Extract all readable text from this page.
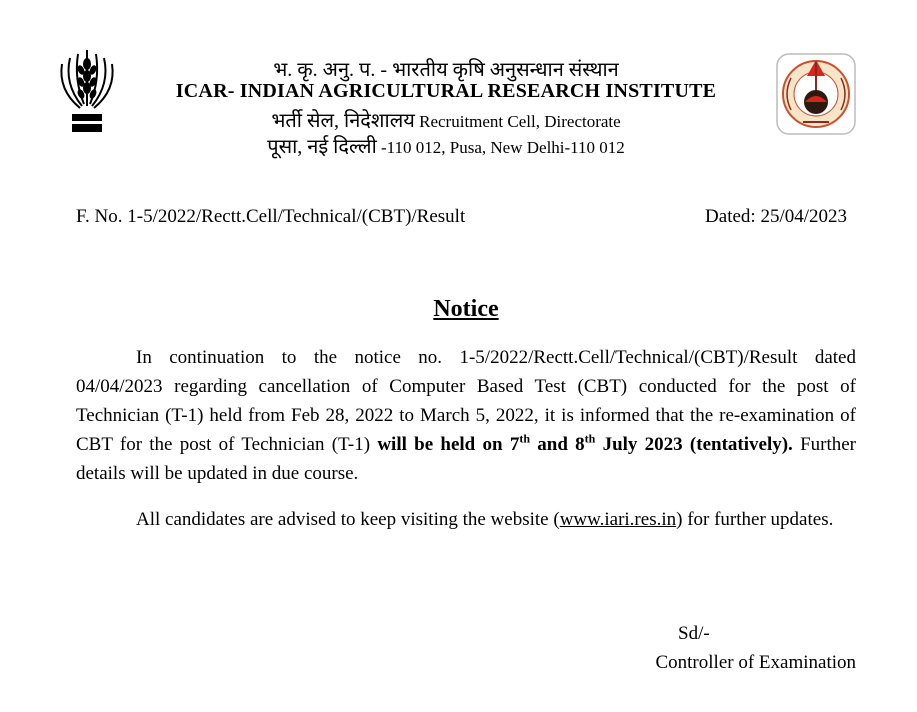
भ. कृ. अनु. प. - भारतीय कृषि अनुसन्धान संस्थान
ICAR- INDIAN AGRICULTURAL RESEARCH INSTITUTE
भर्ती सेल, निदेशालय Recruitment Cell, Directorate
पूसा, नई दिल्ली -110 012, Pusa, New Delhi-110 012
F. No. 1-5/2022/Rectt.Cell/Technical/(CBT)/Result	Dated: 25/04/2023
Notice
In continuation to the notice no. 1-5/2022/Rectt.Cell/Technical/(CBT)/Result dated 04/04/2023 regarding cancellation of Computer Based Test (CBT) conducted for the post of Technician (T-1) held from Feb 28, 2022 to March 5, 2022, it is informed that the re-examination of CBT for the post of Technician (T-1) will be held on 7th and 8th July 2023 (tentatively). Further details will be updated in due course.
All candidates are advised to keep visiting the website (www.iari.res.in) for further updates.
Sd/-
Controller of Examination
